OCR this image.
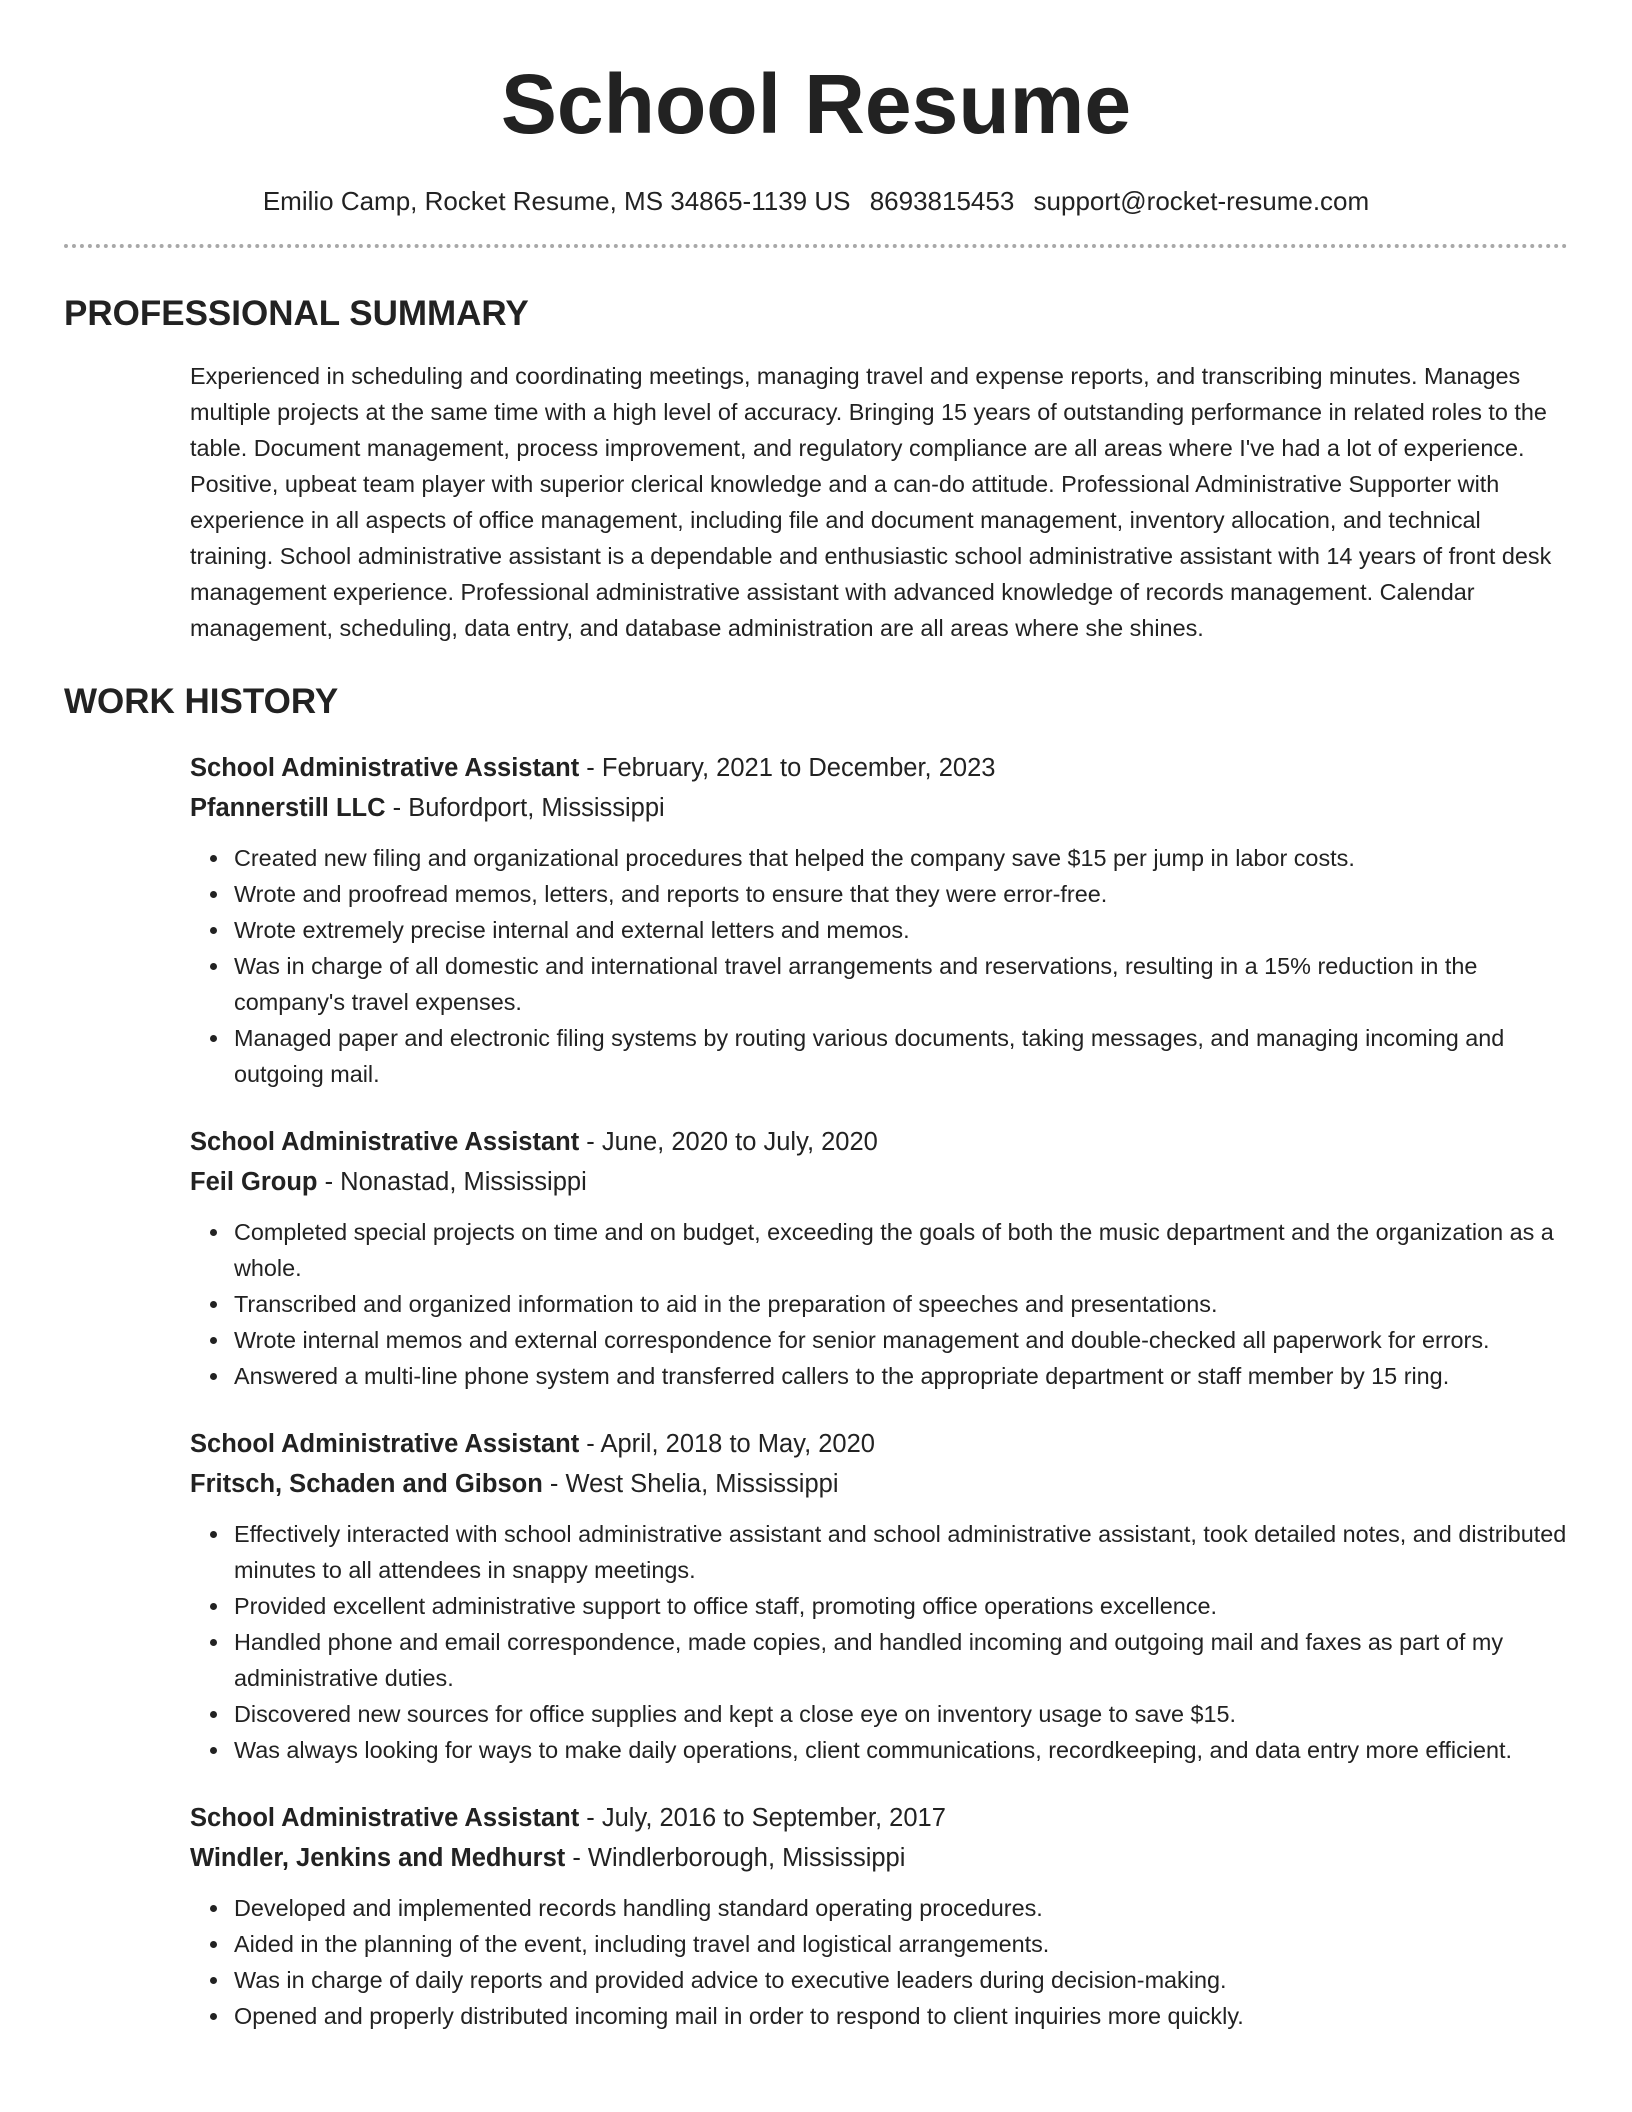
School Resume
Emilio Camp, Rocket Resume, MS 34865-1139 US 8693815453 support@rocket-resume.com
PROFESSIONAL SUMMARY

Experienced in scheduling and coordinating meetings, managing travel and expense reports, and transcribing minutes. Manages multiple projects at the same time with a high level of accuracy. Bringing 15 years of outstanding performance in related roles to the table. Document management, process improvement, and regulatory compliance are all areas where I've had a lot of experience. Positive, upbeat team player with superior clerical knowledge and a can-do attitude. Professional Administrative Supporter with experience in all aspects of office management, including file and document management, inventory allocation, and technical training. School administrative assistant is a dependable and enthusiastic school administrative assistant with 14 years of front desk management experience. Professional administrative assistant with advanced knowledge of records management. Calendar management, scheduling, data entry, and database administration are all areas where she shines.

WORK HISTORY
School Administrative Assistant - February, 2021 to December, 2023
Pfannerstill LLC - Bufordport, Mississippi
Created new filing and organizational procedures that helped the company save $15 per jump in labor costs.
Wrote and proofread memos, letters, and reports to ensure that they were error-free.
Wrote extremely precise internal and external letters and memos.
Was in charge of all domestic and international travel arrangements and reservations, resulting in a 15% reduction in the company's travel expenses.
Managed paper and electronic filing systems by routing various documents, taking messages, and managing incoming and outgoing mail.
School Administrative Assistant - June, 2020 to July, 2020
Feil Group - Nonastad, Mississippi
Completed special projects on time and on budget, exceeding the goals of both the music department and the organization as a whole.
Transcribed and organized information to aid in the preparation of speeches and presentations.
Wrote internal memos and external correspondence for senior management and double-checked all paperwork for errors.
Answered a multi-line phone system and transferred callers to the appropriate department or staff member by 15 ring.
School Administrative Assistant - April, 2018 to May, 2020
Fritsch, Schaden and Gibson - West Shelia, Mississippi
Effectively interacted with school administrative assistant and school administrative assistant, took detailed notes, and distributed minutes to all attendees in snappy meetings.
Provided excellent administrative support to office staff, promoting office operations excellence.
Handled phone and email correspondence, made copies, and handled incoming and outgoing mail and faxes as part of my administrative duties.
Discovered new sources for office supplies and kept a close eye on inventory usage to save $15.
Was always looking for ways to make daily operations, client communications, recordkeeping, and data entry more efficient.
School Administrative Assistant - July, 2016 to September, 2017
Windler, Jenkins and Medhurst - Windlerborough, Mississippi
Developed and implemented records handling standard operating procedures.
Aided in the planning of the event, including travel and logistical arrangements.
Was in charge of daily reports and provided advice to executive leaders during decision-making.
Opened and properly distributed incoming mail in order to respond to client inquiries more quickly.
